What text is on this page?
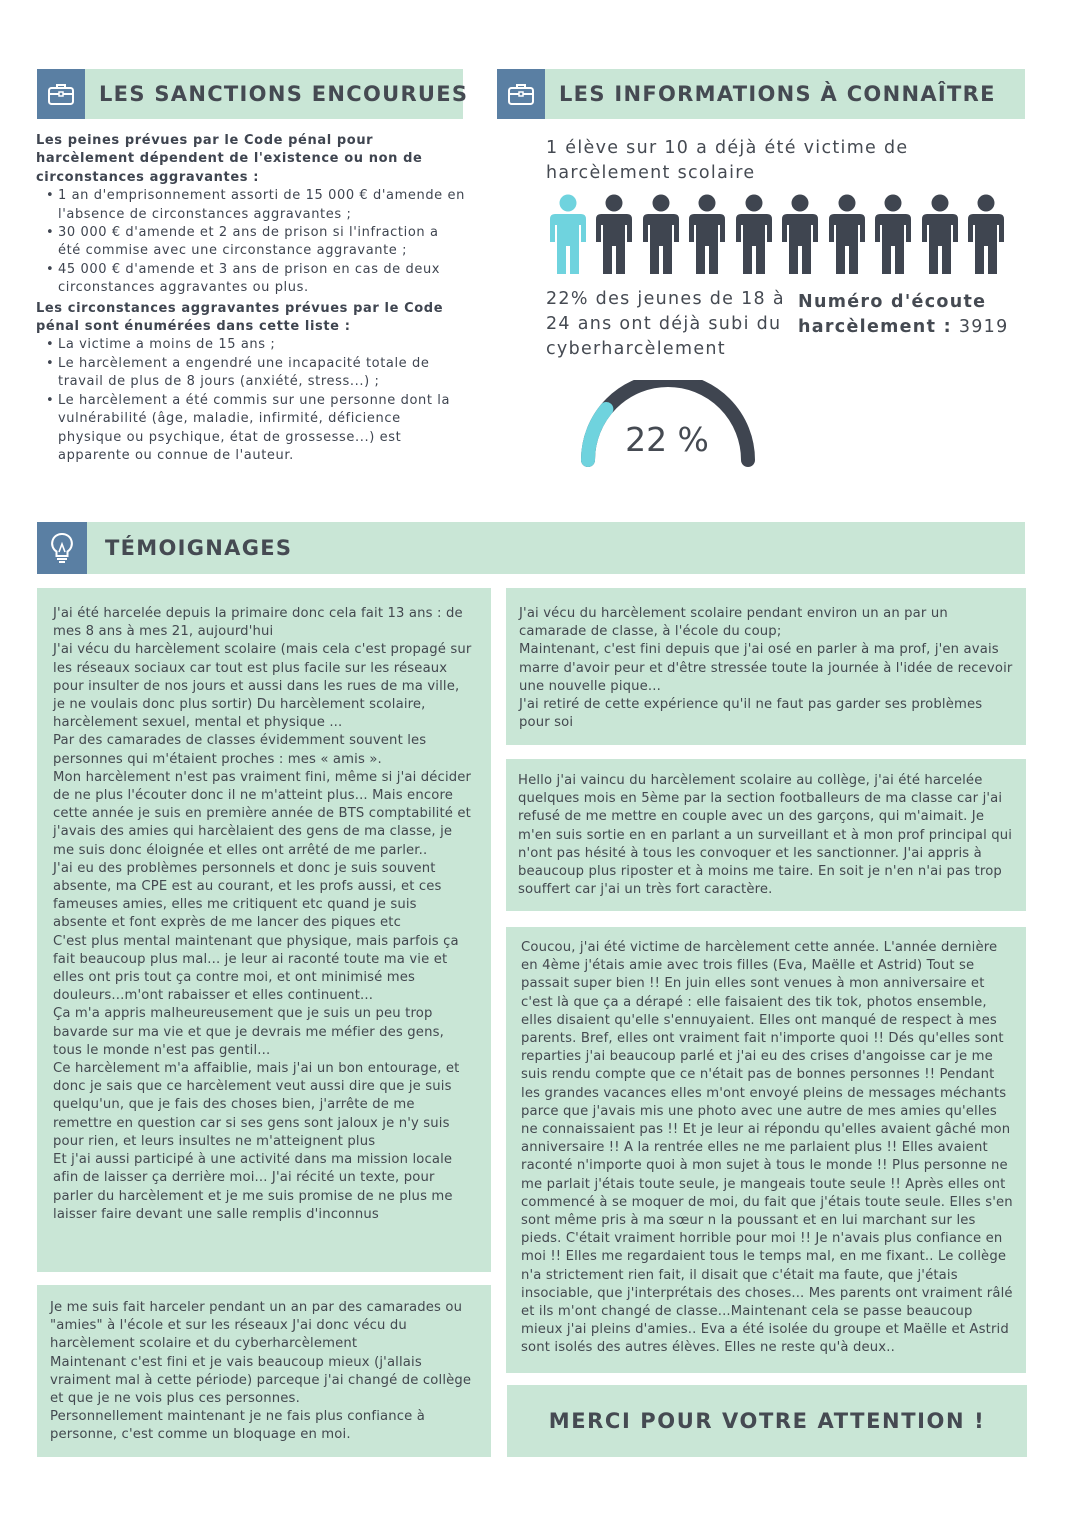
LES SANCTIONS ENCOURUES	LES INFORMATIONS À CONNAÎTRE

Les peines prévues par le Code pénal pour harcèlement dépendent de l'existence ou non de circonstances aggravantes :

• 1 an d'emprisonnement assorti de 15 000 € d'amende en l'absence de circonstances aggravantes ;
• 30 000 € d'amende et 2 ans de prison si l'infraction a été commise avec une circonstance aggravante ;
• 45 000 € d'amende et 3 ans de prison en cas de deux circonstances aggravantes ou plus.

Les circonstances aggravantes prévues par le Code pénal sont énumérées dans cette liste :

• La victime a moins de 15 ans ;
• Le harcèlement a engendré une incapacité totale de travail de plus de 8 jours (anxiété, stress...) ;
• Le harcèlement a été commis sur une personne dont la vulnérabilité (âge, maladie, infirmité, déficience physique ou psychique, état de grossesse...) est apparente ou connue de l'auteur.
1 élève sur 10 a déjà été victime de harcèlement scolaire
22% des jeunes de 18 à 24 ans ont déjà subi du cyberharcèlement
Numéro d'écoute harcèlement : 3919
22 %
TÉMOIGNAGES

J'ai été harcelée depuis la primaire donc cela fait 13 ans : de mes 8 ans à mes 21, aujourd'hui

J'ai vécu du harcèlement scolaire (mais cela c'est propagé sur les réseaux sociaux car tout est plus facile sur les réseaux pour insulter de nos jours et aussi dans les rues de ma ville, je ne voulais donc plus sortir) Du harcèlement scolaire, harcèlement sexuel, mental et physique ...

Par des camarades de classes évidemment souvent les personnes qui m'étaient proches : mes « amis ».

Mon harcèlement n'est pas vraiment fini, même si j'ai décider de ne plus l'écouter donc il ne m'atteint plus... Mais encore cette année je suis en première année de BTS comptabilité et j'avais des amies qui harcèlaient des gens de ma classe, je me suis donc éloignée et elles ont arrêté de me parler..

J'ai eu des problèmes personnels et donc je suis souvent absente, ma CPE est au courant, et les profs aussi, et ces fameuses amies, elles me critiquent etc quand je suis absente et font exprès de me lancer des piques etc

C'est plus mental maintenant que physique, mais parfois ça fait beaucoup plus mal... je leur ai raconté toute ma vie et elles ont pris tout ça contre moi, et ont minimisé mes douleurs...m'ont rabaisser et elles continuent...

Ça m'a appris malheureusement que je suis un peu trop bavarde sur ma vie et que je devrais me méfier des gens, tous le monde n'est pas gentil...

Ce harcèlement m'a affaiblie, mais j'ai un bon entourage, et donc je sais que ce harcèlement veut aussi dire que je suis quelqu'un, que je fais des choses bien, j'arrête de me remettre en question car si ses gens sont jaloux je n'y suis pour rien, et leurs insultes ne m'atteignent plus

Et j'ai aussi participé à une activité dans ma mission locale afin de laisser ça derrière moi... J'ai récité un texte, pour parler du harcèlement et je me suis promise de ne plus me laisser faire devant une salle remplis d'inconnus

Je me suis fait harceler pendant un an par des camarades ou "amies" à l'école et sur les réseaux J'ai donc vécu du harcèlement scolaire et du cyberharcèlement

Maintenant c'est fini et je vais beaucoup mieux (j'allais vraiment mal à cette période) parceque j'ai changé de collège et que je ne vois plus ces personnes.

Personnellement maintenant je ne fais plus confiance à personne, c'est comme un bloquage en moi.

J'ai vécu du harcèlement scolaire pendant environ un an par un camarade de classe, à l'école du coup;

Maintenant, c'est fini depuis que j'ai osé en parler à ma prof, j'en avais marre d'avoir peur et d'être stressée toute la journée à l'idée de recevoir une nouvelle pique...

J'ai retiré de cette expérience qu'il ne faut pas garder ses problèmes pour soi

Hello j'ai vaincu du harcèlement scolaire au collège, j'ai été harcelée quelques mois en 5ème par la section footballeurs de ma classe car j'ai refusé de me mettre en couple avec un des garçons, qui m'aimait. Je m'en suis sortie en en parlant a un surveillant et à mon prof principal qui n'ont pas hésité à tous les convoquer et les sanctionner. J'ai appris à beaucoup plus riposter et à moins me taire. En soit je n'en n'ai pas trop souffert car j'ai un très fort caractère.

Coucou, j'ai été victime de harcèlement cette année. L'année dernière en 4ème j'étais amie avec trois filles (Eva, Maëlle et Astrid) Tout se passait super bien !! En juin elles sont venues à mon anniversaire et c'est là que ça a dérapé : elle faisaient des tik tok, photos ensemble, elles disaient qu'elle s'ennuyaient. Elles ont manqué de respect à mes parents. Bref, elles ont vraiment fait n'importe quoi !! Dés qu'elles sont reparties j'ai beaucoup parlé et j'ai eu des crises d'angoisse car je me suis rendu compte que ce n'était pas de bonnes personnes !! Pendant les grandes vacances elles m'ont envoyé pleins de messages méchants parce que j'avais mis une photo avec une autre de mes amies qu'elles ne connaissaient pas !! Et je leur ai répondu qu'elles avaient gâché mon anniversaire !! A la rentrée elles ne me parlaient plus !! Elles avaient raconté n'importe quoi à mon sujet à tous le monde !! Plus personne ne me parlait j'étais toute seule, je mangeais toute seule !! Après elles ont commencé à se moquer de moi, du fait que j'étais toute seule. Elles s'en sont même pris à ma sœur n la poussant et en lui marchant sur les pieds. C'était vraiment horrible pour moi !! Je n'avais plus confiance en moi !! Elles me regardaient tous le temps mal, en me fixant.. Le collège n'a strictement rien fait, il disait que c'était ma faute, que j'étais insociable, que j'interprétais des choses... Mes parents ont vraiment râlé et ils m'ont changé de classe...Maintenant cela se passe beaucoup mieux j'ai pleins d'amies.. Eva a été isolée du groupe et Maëlle et Astrid sont isolés des autres élèves. Elles ne reste qu'à deux..

MERCI POUR VOTRE ATTENTION !
